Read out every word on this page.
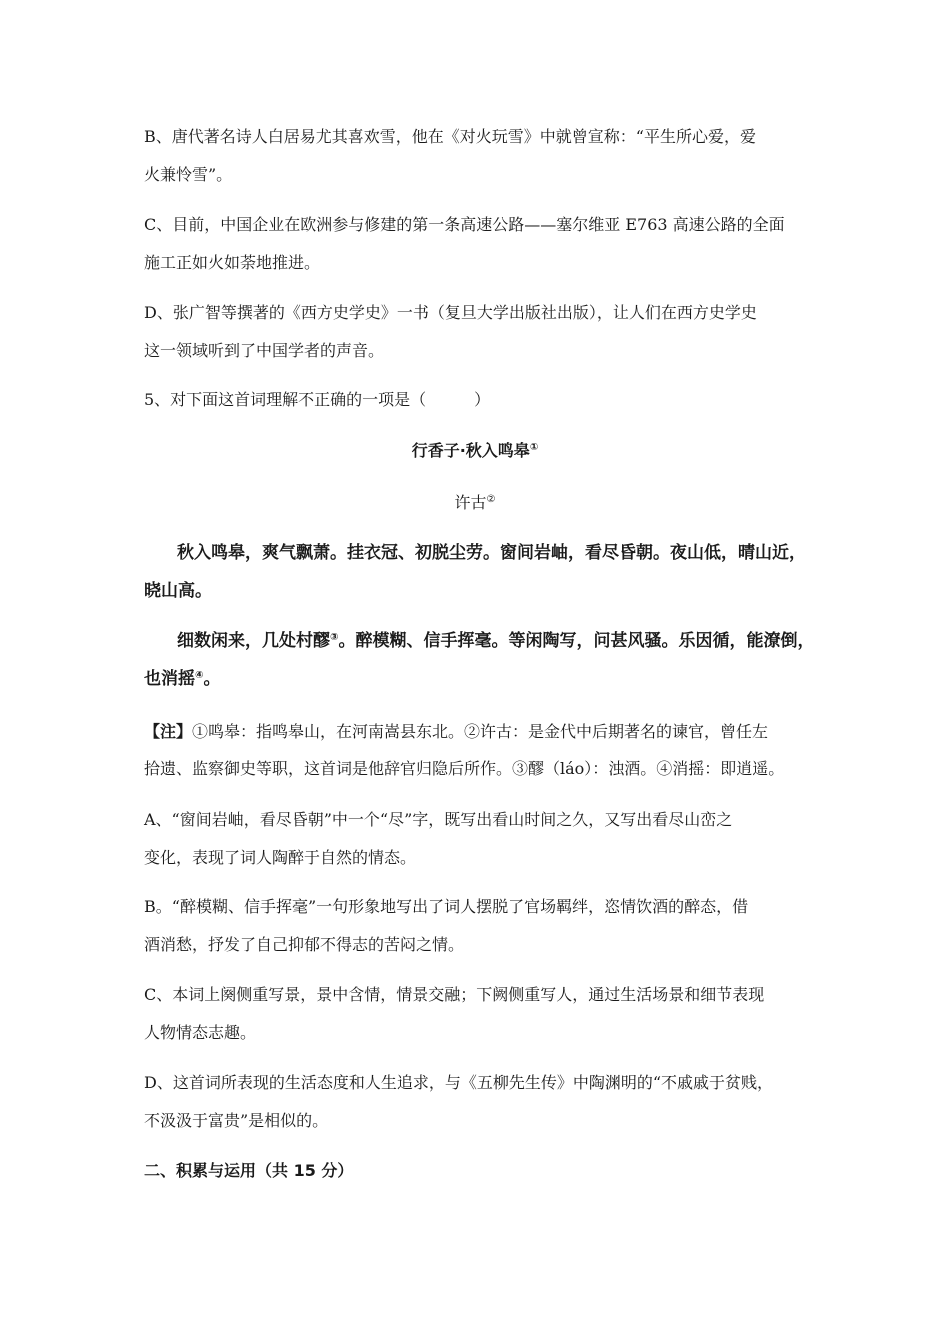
B、唐代著名诗人白居易尤其喜欢雪，他在《对火玩雪》中就曾宣称：“平生所心爱，爱
火兼怜雪”。
C、目前，中国企业在欧洲参与修建的第一条高速公路——塞尔维亚 E763 高速公路的全面
施工正如火如荼地推进。
D、张广智等撰著的《西方史学史》一书（复旦大学出版社出版），让人们在西方史学史
这一领域听到了中国学者的声音。
5、对下面这首词理解不正确的一项是（　　　）
行香子·秋入鸣皋①
许古②
秋入鸣皋，爽气飘萧。挂衣冠、初脱尘劳。窗间岩岫，看尽昏朝。夜山低，晴山近，
晓山高。
细数闲来，几处村醪③。醉模糊、信手挥毫。等闲陶写，问甚风骚。乐因循，能潦倒，
也消摇④。
【注】①鸣皋：指鸣皋山，在河南嵩县东北。②许古：是金代中后期著名的谏官，曾任左
拾遗、监察御史等职，这首词是他辞官归隐后所作。③醪（láo）：浊酒。④消摇：即逍遥。
A、“窗间岩岫，看尽昏朝”中一个“尽”字，既写出看山时间之久，又写出看尽山峦之
变化，表现了词人陶醉于自然的情态。
B。“醉模糊、信手挥毫”一句形象地写出了词人摆脱了官场羁绊，恣情饮酒的醉态，借
酒消愁，抒发了自己抑郁不得志的苦闷之情。
C、本词上阕侧重写景，景中含情，情景交融；下阙侧重写人，通过生活场景和细节表现
人物情态志趣。
D、这首词所表现的生活态度和人生追求，与《五柳先生传》中陶渊明的“不戚戚于贫贱，
不汲汲于富贵”是相似的。
二、积累与运用（共 15 分）
